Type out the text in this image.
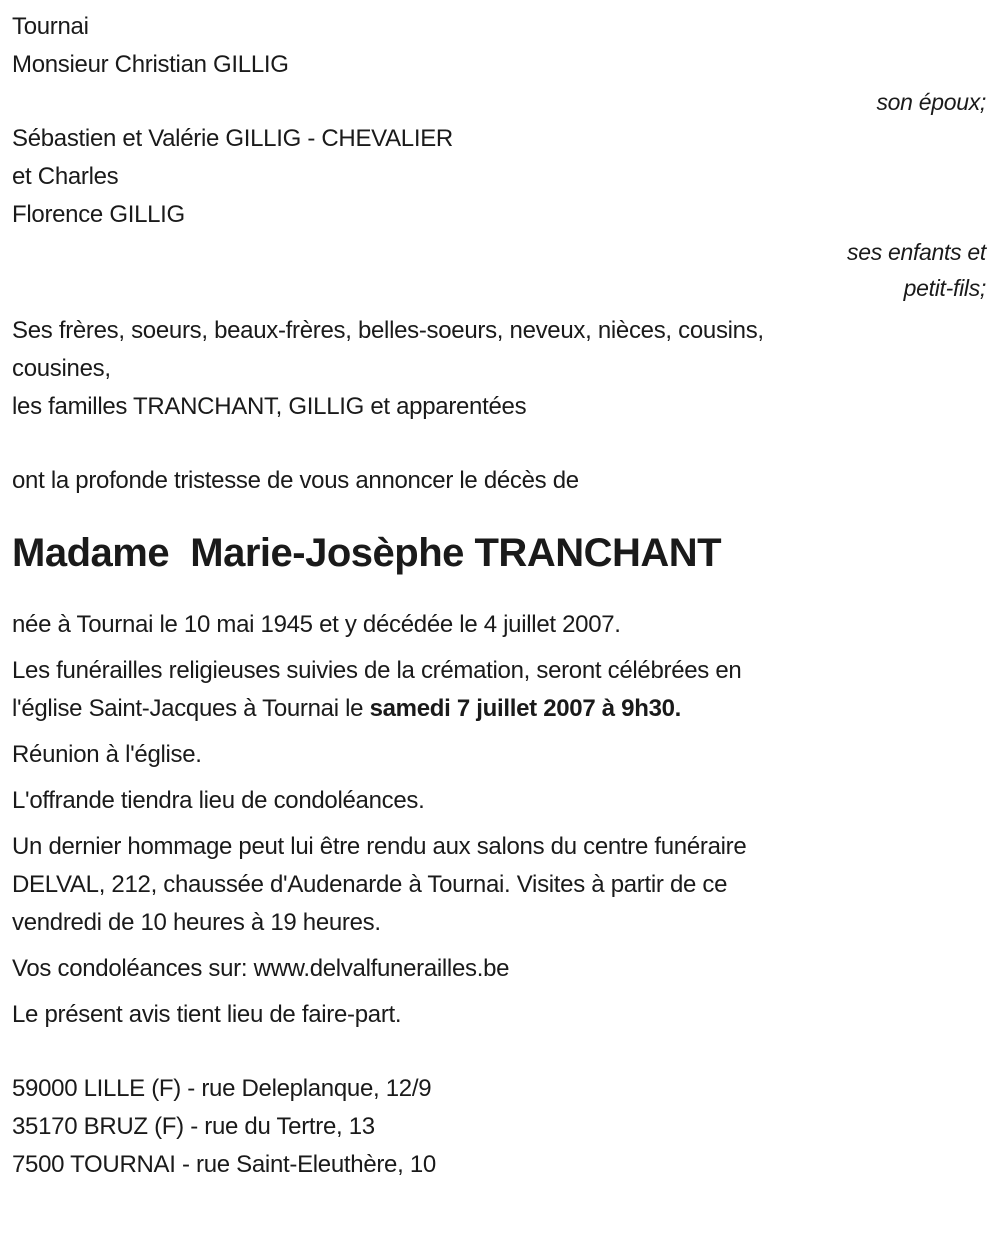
Tournai
Monsieur Christian GILLIG
son époux;
Sébastien et Valérie GILLIG - CHEVALIER
et Charles
Florence GILLIG
ses enfants et
petit-fils;
Ses frères, soeurs, beaux-frères, belles-soeurs, neveux, nièces, cousins,
cousines,
les familles TRANCHANT, GILLIG et apparentées
ont la profonde tristesse de vous annoncer le décès de
Madame  Marie-Josèphe TRANCHANT
née à Tournai le 10 mai 1945 et y décédée le 4 juillet 2007.
Les funérailles religieuses suivies de la crémation, seront célébrées en
l'église Saint-Jacques à Tournai le samedi 7 juillet 2007 à 9h30.
Réunion à l'église.
L'offrande tiendra lieu de condoléances.
Un dernier hommage peut lui être rendu aux salons du centre funéraire
DELVAL, 212, chaussée d'Audenarde à Tournai. Visites à partir de ce
vendredi de 10 heures à 19 heures.
Vos condoléances sur: www.delvalfunerailles.be
Le présent avis tient lieu de faire-part.
59000 LILLE (F) - rue Deleplanque, 12/9
35170 BRUZ (F) - rue du Tertre, 13
7500 TOURNAI - rue Saint-Eleuthère, 10
